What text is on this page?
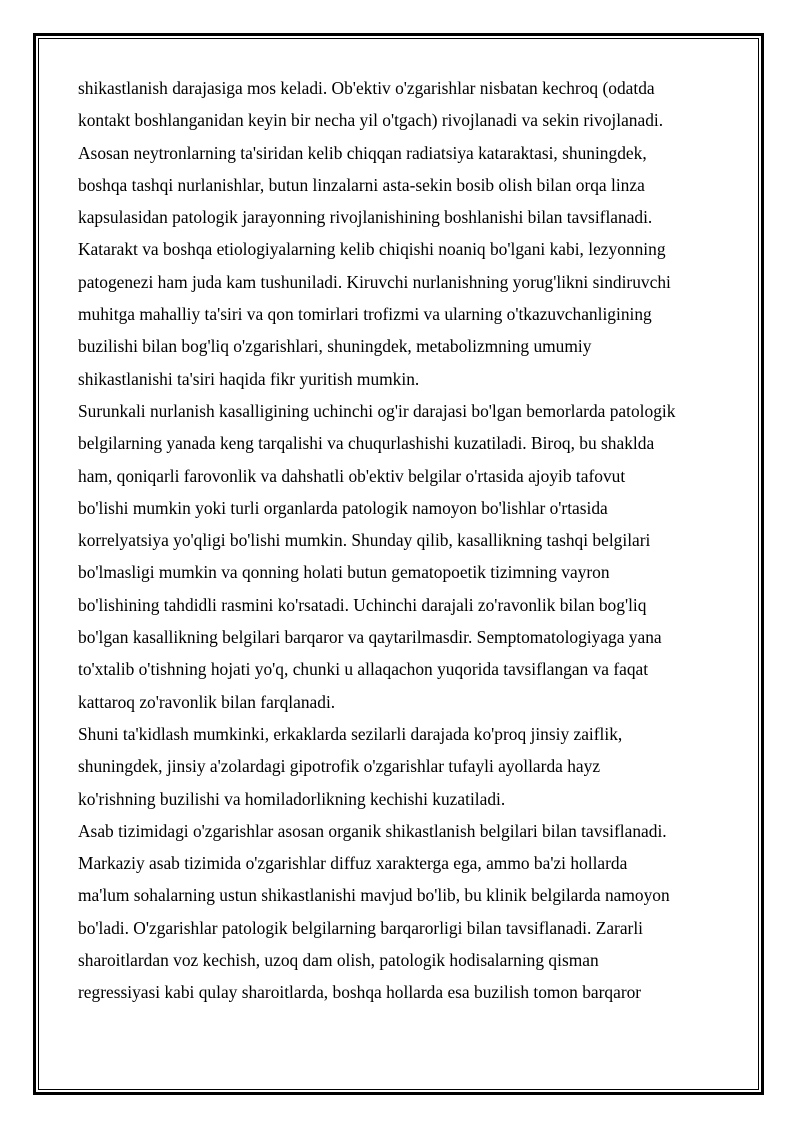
shikastlanish darajasiga mos keladi. Ob'ektiv o'zgarishlar nisbatan kechroq (odatda

kontakt boshlanganidan keyin bir necha yil o'tgach) rivojlanadi va sekin rivojlanadi.

Asosan neytronlarning ta'siridan kelib chiqqan radiatsiya kataraktasi, shuningdek,

boshqa tashqi nurlanishlar, butun linzalarni asta-sekin bosib olish bilan orqa linza

kapsulasidan patologik jarayonning rivojlanishining boshlanishi bilan tavsiflanadi.

Katarakt va boshqa etiologiyalarning kelib chiqishi noaniq bo'lgani kabi, lezyonning

patogenezi ham juda kam tushuniladi. Kiruvchi nurlanishning yorug'likni sindiruvchi

muhitga mahalliy ta'siri va qon tomirlari trofizmi va ularning o'tkazuvchanligining

buzilishi bilan bog'liq o'zgarishlari, shuningdek, metabolizmning umumiy

shikastlanishi ta'siri haqida fikr yuritish mumkin.

Surunkali nurlanish kasalligining uchinchi og'ir darajasi bo'lgan bemorlarda patologik

belgilarning yanada keng tarqalishi va chuqurlashishi kuzatiladi. Biroq, bu shaklda

ham, qoniqarli farovonlik va dahshatli ob'ektiv belgilar o'rtasida ajoyib tafovut

bo'lishi mumkin yoki turli organlarda patologik namoyon bo'lishlar o'rtasida

korrelyatsiya yo'qligi bo'lishi mumkin. Shunday qilib, kasallikning tashqi belgilari

bo'lmasligi mumkin va qonning holati butun gematopoetik tizimning vayron

bo'lishining tahdidli rasmini ko'rsatadi. Uchinchi darajali zo'ravonlik bilan bog'liq

bo'lgan kasallikning belgilari barqaror va qaytarilmasdir. Semptomatologiyaga yana

to'xtalib o'tishning hojati yo'q, chunki u allaqachon yuqorida tavsiflangan va faqat

kattaroq zo'ravonlik bilan farqlanadi.

Shuni ta'kidlash mumkinki, erkaklarda sezilarli darajada ko'proq jinsiy zaiflik,

shuningdek, jinsiy a'zolardagi gipotrofik o'zgarishlar tufayli ayollarda hayz

ko'rishning buzilishi va homiladorlikning kechishi kuzatiladi.

Asab tizimidagi o'zgarishlar asosan organik shikastlanish belgilari bilan tavsiflanadi.

Markaziy asab tizimida o'zgarishlar diffuz xarakterga ega, ammo ba'zi hollarda

ma'lum sohalarning ustun shikastlanishi mavjud bo'lib, bu klinik belgilarda namoyon

bo'ladi. O'zgarishlar patologik belgilarning barqarorligi bilan tavsiflanadi. Zararli

sharoitlardan voz kechish, uzoq dam olish, patologik hodisalarning qisman

regressiyasi kabi qulay sharoitlarda, boshqa hollarda esa buzilish tomon barqaror
